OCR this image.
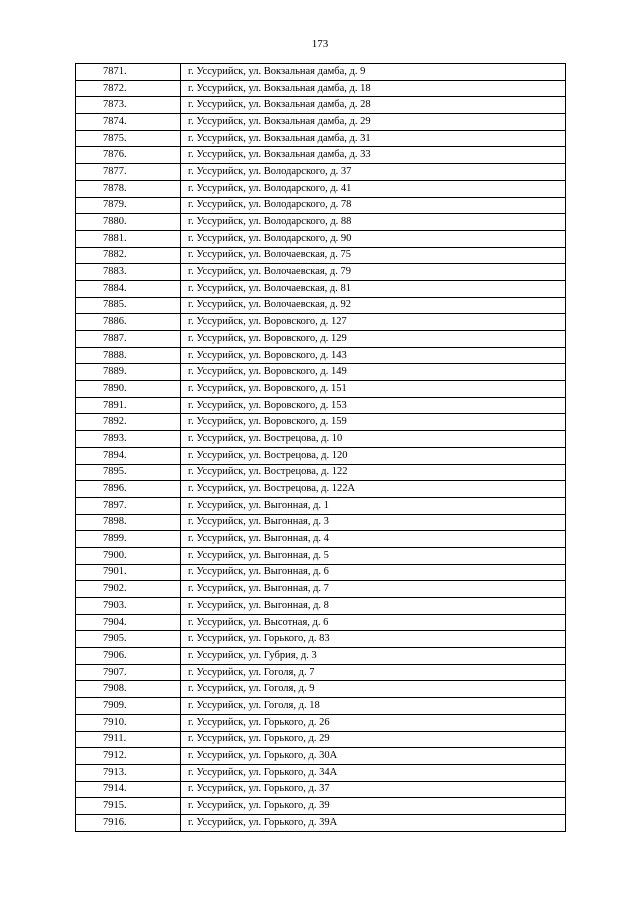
173
7871.	г. Уссурийск, ул. Вокзальная дамба, д. 9
7872.	г. Уссурийск, ул. Вокзальная дамба, д. 18
7873.	г. Уссурийск, ул. Вокзальная дамба, д. 28
7874.	г. Уссурийск, ул. Вокзальная дамба, д. 29
7875.	г. Уссурийск, ул. Вокзальная дамба, д. 31
7876.	г. Уссурийск, ул. Вокзальная дамба, д. 33
7877.	г. Уссурийск, ул. Володарского, д. 37
7878.	г. Уссурийск, ул. Володарского, д. 41
7879.	г. Уссурийск, ул. Володарского, д. 78
7880.	г. Уссурийск, ул. Володарского, д. 88
7881.	г. Уссурийск, ул. Володарского, д. 90
7882.	г. Уссурийск, ул. Волочаевская, д. 75
7883.	г. Уссурийск, ул. Волочаевская, д. 79
7884.	г. Уссурийск, ул. Волочаевская, д. 81
7885.	г. Уссурийск, ул. Волочаевская, д. 92
7886.	г. Уссурийск, ул. Воровского, д. 127
7887.	г. Уссурийск, ул. Воровского, д. 129
7888.	г. Уссурийск, ул. Воровского, д. 143
7889.	г. Уссурийск, ул. Воровского, д. 149
7890.	г. Уссурийск, ул. Воровского, д. 151
7891.	г. Уссурийск, ул. Воровского, д. 153
7892.	г. Уссурийск, ул. Воровского, д. 159
7893.	г. Уссурийск, ул. Вострецова, д. 10
7894.	г. Уссурийск, ул. Вострецова, д. 120
7895.	г. Уссурийск, ул. Вострецова, д. 122
7896.	г. Уссурийск, ул. Вострецова, д. 122А
7897.	г. Уссурийск, ул. Выгонная, д. 1
7898.	г. Уссурийск, ул. Выгонная, д. 3
7899.	г. Уссурийск, ул. Выгонная, д. 4
7900.	г. Уссурийск, ул. Выгонная, д. 5
7901.	г. Уссурийск, ул. Выгонная, д. 6
7902.	г. Уссурийск, ул. Выгонная, д. 7
7903.	г. Уссурийск, ул. Выгонная, д. 8
7904.	г. Уссурийск, ул. Высотная, д. 6
7905.	г. Уссурийск, ул. Горького, д. 83
7906.	г. Уссурийск, ул. Губрия, д. 3
7907.	г. Уссурийск, ул. Гоголя, д. 7
7908.	г. Уссурийск, ул. Гоголя, д. 9
7909.	г. Уссурийск, ул. Гоголя, д. 18
7910.	г. Уссурийск, ул. Горького, д. 26
7911.	г. Уссурийск, ул. Горького, д. 29
7912.	г. Уссурийск, ул. Горького, д. 30А
7913.	г. Уссурийск, ул. Горького, д. 34А
7914.	г. Уссурийск, ул. Горького, д. 37
7915.	г. Уссурийск, ул. Горького, д. 39
7916.	г. Уссурийск, ул. Горького, д. 39А
